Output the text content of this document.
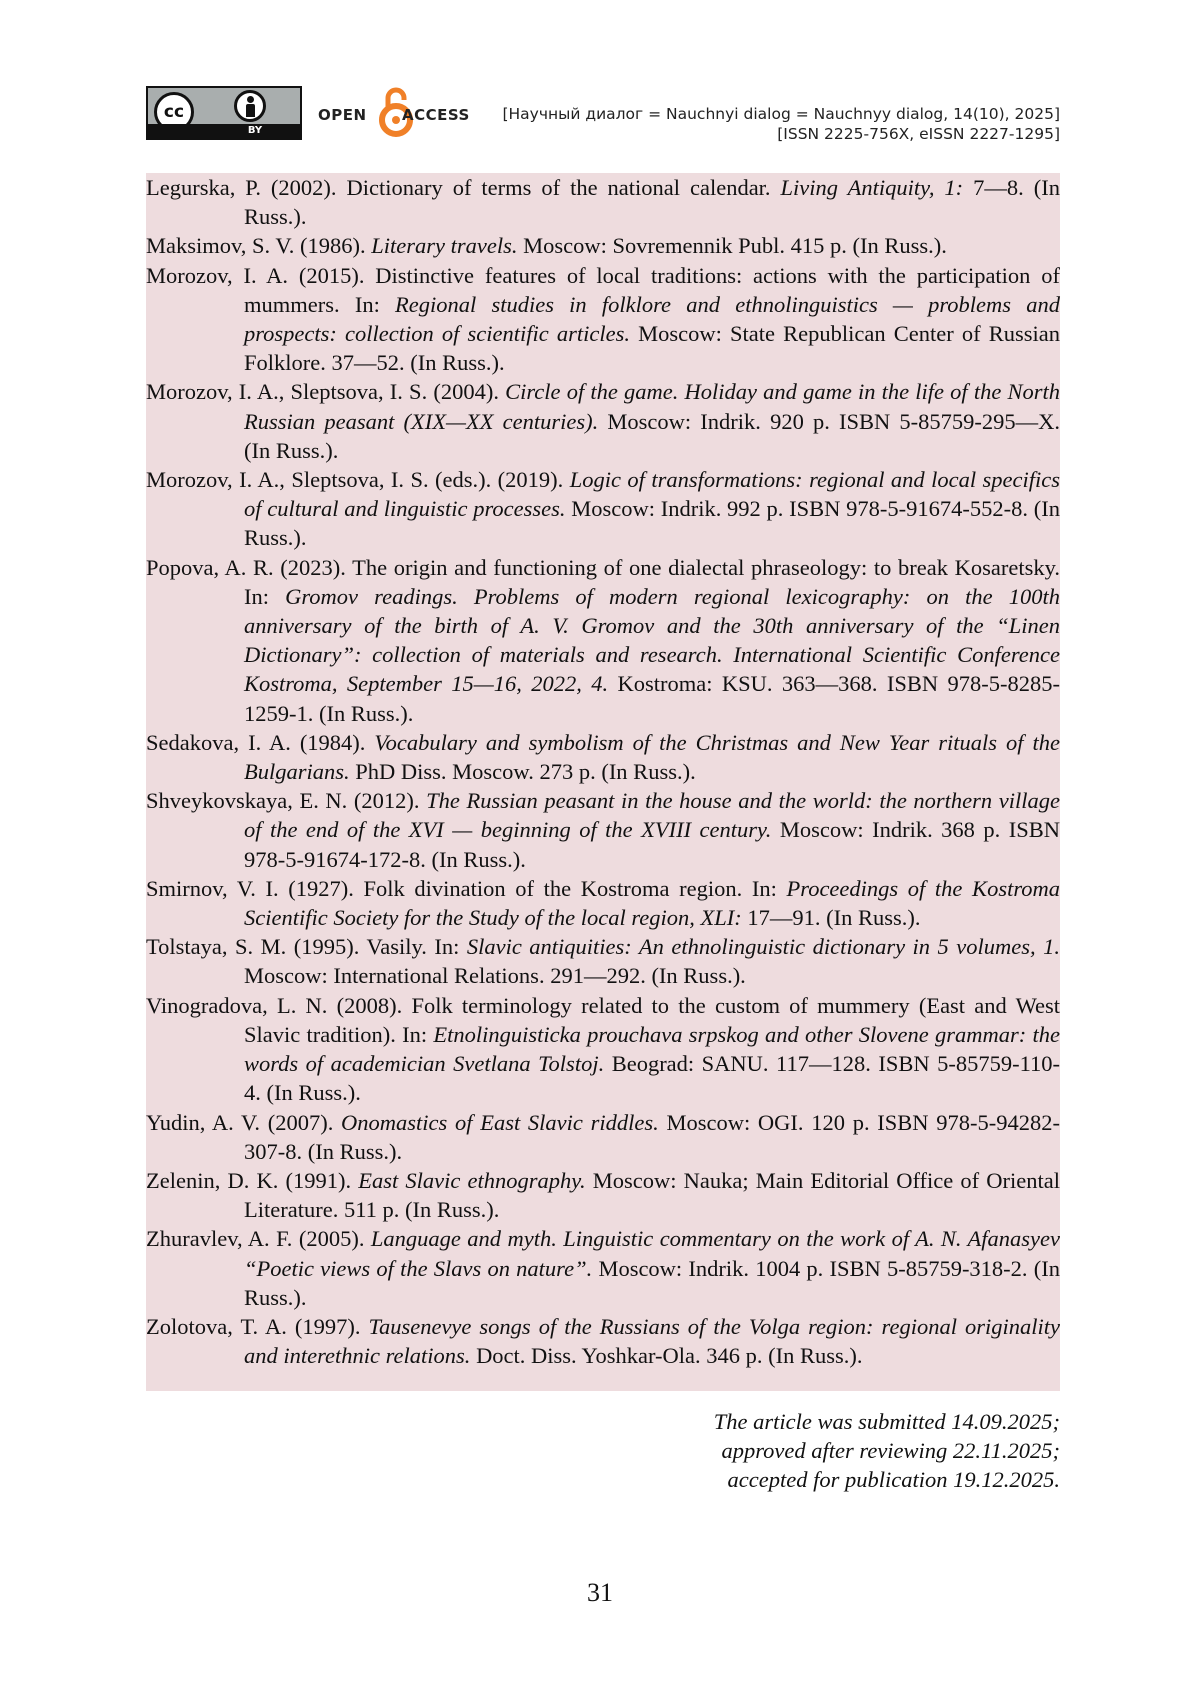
cc
BY
OPEN ACCESS [Научный диалог = Nauchnyi dialog = Nauchnyy dialog, 14(10), 2025]
[ISSN 2225-756X, eISSN 2227-1295]

Legurska, P. (2002). Dictionary of terms of the national calendar. Living Antiquity, 1: 7—8. (In Russ.).

Maksimov, S. V. (1986). Literary travels. Moscow: Sovremennik Publ. 415 p. (In Russ.).

Morozov, I. A. (2015). Distinctive features of local traditions: actions with the participation of mummers. In: Regional studies in folklore and ethnolinguistics — problems and prospects: collection of scientific articles. Moscow: State Republican Center of Russian Folklore. 37—52. (In Russ.).

Morozov, I. A., Sleptsova, I. S. (2004). Circle of the game. Holiday and game in the life of the North Russian peasant (XIX—XX centuries). Moscow: Indrik. 920 p. ISBN 5-85759-295—X. (In Russ.).

Morozov, I. A., Sleptsova, I. S. (eds.). (2019). Logic of transformations: regional and local specifics of cultural and linguistic processes. Moscow: Indrik. 992 p. ISBN 978-5-91674-552-8. (In Russ.).

Popova, A. R. (2023). The origin and functioning of one dialectal phraseology: to break Kosaretsky. In: Gromov readings. Problems of modern regional lexicography: on the 100th anniversary of the birth of A. V. Gromov and the 30th anniversary of the “Linen Dictionary”: collection of materials and research. International Scientific Conference Kostroma, September 15—16, 2022, 4. Kostroma: KSU. 363—368. ISBN 978-5-8285-1259-1. (In Russ.).

Sedakova, I. A. (1984). Vocabulary and symbolism of the Christmas and New Year rituals of the Bulgarians. PhD Diss. Moscow. 273 p. (In Russ.).

Shveykovskaya, E. N. (2012). The Russian peasant in the house and the world: the northern village of the end of the XVI — beginning of the XVIII century. Moscow: Indrik. 368 p. ISBN 978-5-91674-172-8. (In Russ.).

Smirnov, V. I. (1927). Folk divination of the Kostroma region. In: Proceedings of the Kostroma Scientific Society for the Study of the local region, XLI: 17—91. (In Russ.).

Tolstaya, S. M. (1995). Vasily. In: Slavic antiquities: An ethnolinguistic dictionary in 5 volumes, 1. Moscow: International Relations. 291—292. (In Russ.).

Vinogradova, L. N. (2008). Folk terminology related to the custom of mummery (East and West Slavic tradition). In: Etnolinguisticka prouchava srpskog and other Slovene grammar: the words of academician Svetlana Tolstoj. Beograd: SANU. 117—128. ISBN 5-85759-110-4. (In Russ.).

Yudin, A. V. (2007). Onomastics of East Slavic riddles. Moscow: OGI. 120 p. ISBN 978-5-94282-307-8. (In Russ.).

Zelenin, D. K. (1991). East Slavic ethnography. Moscow: Nauka; Main Editorial Office of Oriental Literature. 511 p. (In Russ.).

Zhuravlev, A. F. (2005). Language and myth. Linguistic commentary on the work of A. N. Afanasyev “Poetic views of the Slavs on nature”. Moscow: Indrik. 1004 p. ISBN 5-85759-318-2. (In Russ.).

Zolotova, T. A. (1997). Tausenevye songs of the Russians of the Volga region: regional originality and interethnic relations. Doct. Diss. Yoshkar-Ola. 346 p. (In Russ.).

The article was submitted 14.09.2025;
approved after reviewing 22.11.2025;
accepted for publication 19.12.2025.
31
